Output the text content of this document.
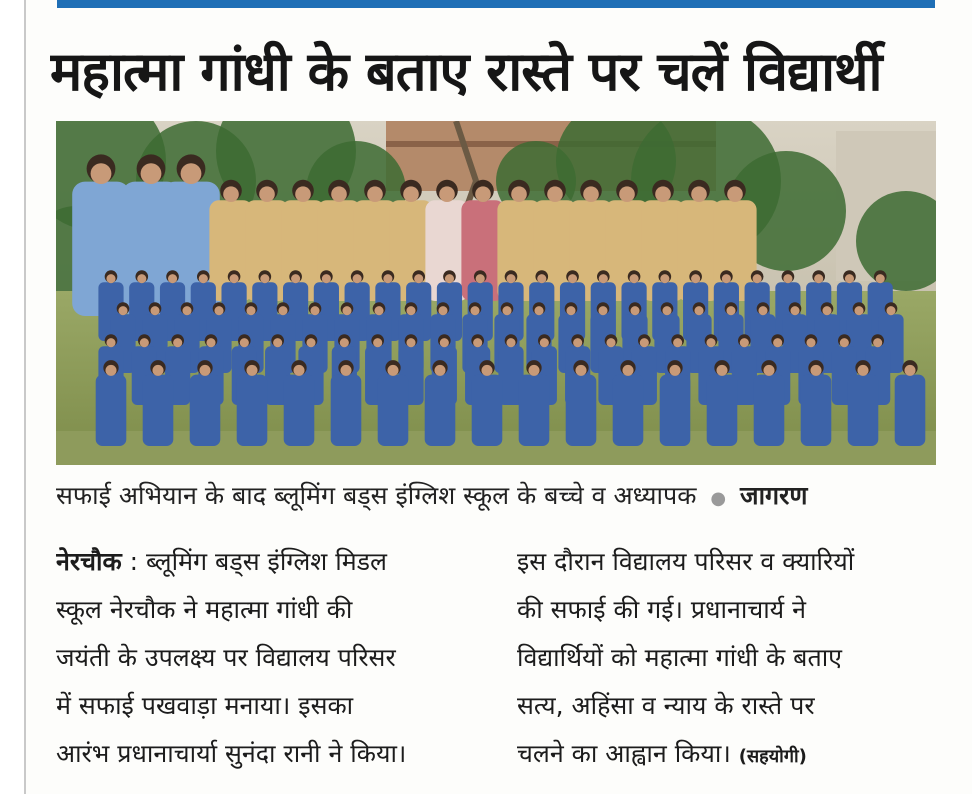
महात्मा गांधी के बताए रास्ते पर चलें विद्यार्थी
सफाई अभियान के बाद ब्लूमिंग बड्स इंग्लिश स्कूल के बच्चे व अध्यापक ● जागरण
नेरचौक : ब्लूमिंग बड्स इंग्लिश मिडल
स्कूल नेरचौक ने महात्मा गांधी की
जयंती के उपलक्ष्य पर विद्यालय परिसर
में सफाई पखवाड़ा मनाया। इसका
आरंभ प्रधानाचार्या सुनंदा रानी ने किया।
इस दौरान विद्यालय परिसर व क्यारियों
की सफाई की गई। प्रधानाचार्य ने
विद्यार्थियों को महात्मा गांधी के बताए
सत्य, अहिंसा व न्याय के रास्ते पर
चलने का आह्वान किया। (सहयोगी)
